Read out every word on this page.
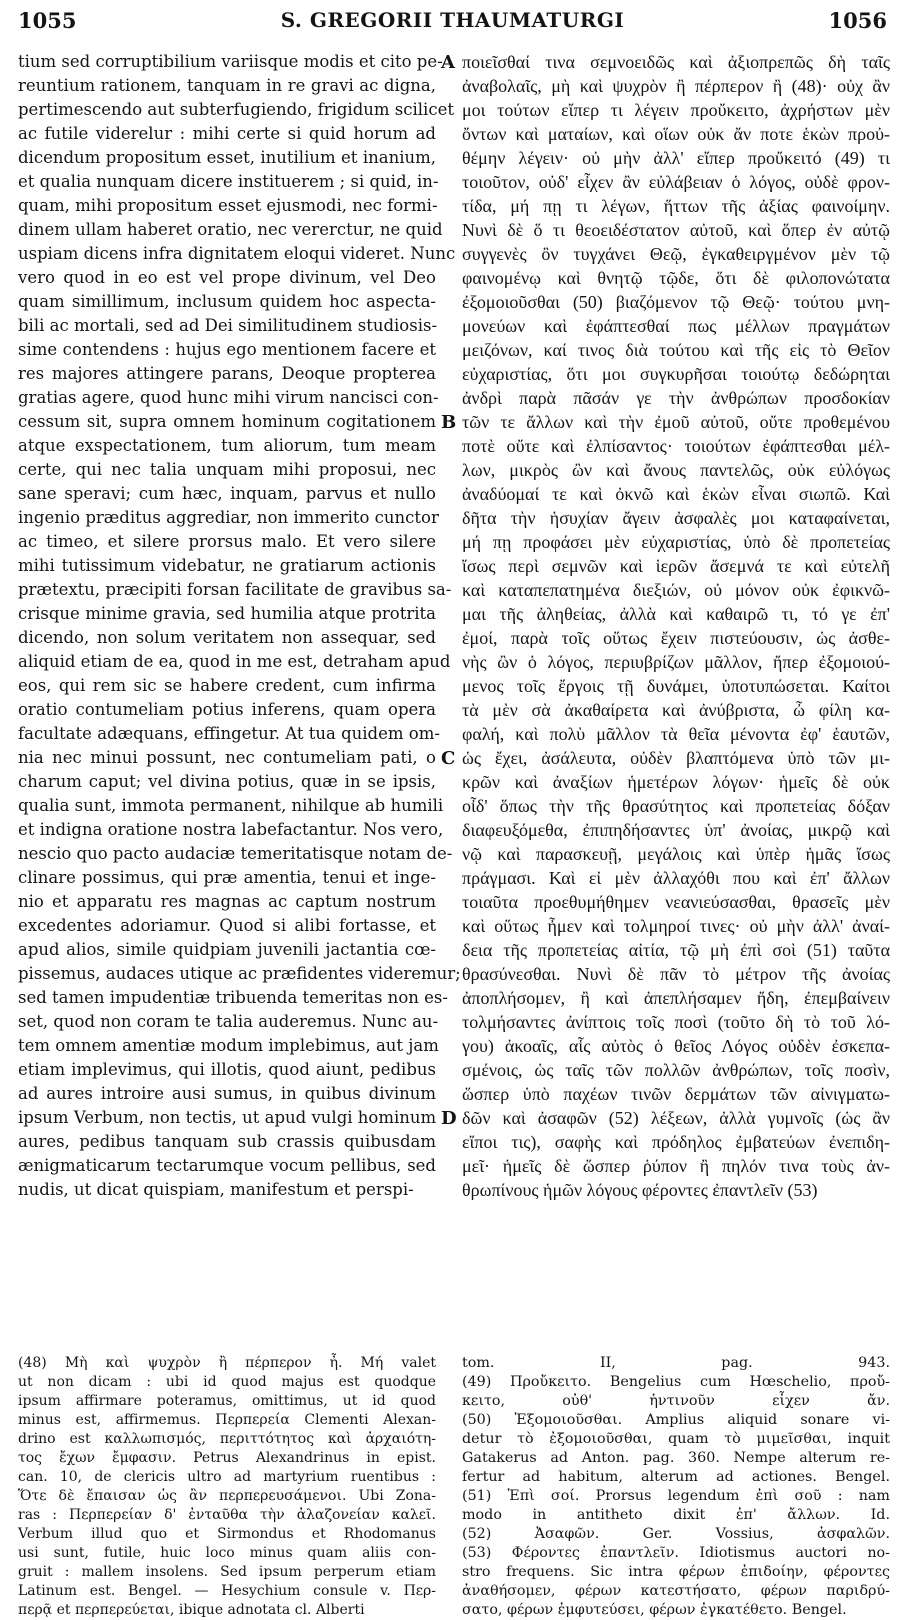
1055	S. GREGORII THAUMATURGI	1056
tium sed corruptibilium variisque modis et cito pe-
reuntium rationem, tanquam in re gravi ac digna,
pertimescendo aut subterfugiendo, frigidum scilicet
ac futile viderelur : mihi certe si quid horum ad
dicendum propositum esset, inutilium et inanium,
et qualia nunquam dicere instituerem ; si quid, in-
quam, mihi propositum esset ejusmodi, nec formi-
dinem ullam haberet oratio, nec vererctur, ne quid
uspiam dicens infra dignitatem eloqui videret. Nunc
vero quod in eo est vel prope divinum, vel Deo
quam simillimum, inclusum quidem hoc aspecta-
bili ac mortali, sed ad Dei similitudinem studiosis-
sime contendens : hujus ego mentionem facere et
res majores attingere parans, Deoque propterea
gratias agere, quod hunc mihi virum nancisci con-
cessum sit, supra omnem hominum cogitationem
atque exspectationem, tum aliorum, tum meam
certe, qui nec talia unquam mihi proposui, nec
sane speravi; cum hæc, inquam, parvus et nullo
ingenio præditus aggrediar, non immerito cunctor
ac timeo, et silere prorsus malo. Et vero silere
mihi tutissimum videbatur, ne gratiarum actionis
prætextu, præcipiti forsan facilitate de gravibus sa-
crisque minime gravia, sed humilia atque protrita
dicendo, non solum veritatem non assequar, sed
aliquid etiam de ea, quod in me est, detraham apud
eos, qui rem sic se habere credent, cum infirma
oratio contumeliam potius inferens, quam opera
facultate adæquans, effingetur. At tua quidem om-
nia nec minui possunt, nec contumeliam pati, o
charum caput; vel divina potius, quæ in se ipsis,
qualia sunt, immota permanent, nihilque ab humili
et indigna oratione nostra labefactantur. Nos vero,
nescio quo pacto audaciæ temeritatisque notam de-
clinare possimus, qui præ amentia, tenui et inge-
nio et apparatu res magnas ac captum nostrum
excedentes adoriamur. Quod si alibi fortasse, et
apud alios, simile quidpiam juvenili jactantia cœ-
pissemus, audaces utique ac præfidentes videremur;
sed tamen impudentiæ tribuenda temeritas non es-
set, quod non coram te talia auderemus. Nunc au-
tem omnem amentiæ modum implebimus, aut jam
etiam implevimus, qui illotis, quod aiunt, pedibus
ad aures introire ausi sumus, in quibus divinum
ipsum Verbum, non tectis, ut apud vulgi hominum
aures, pedibus tanquam sub crassis quibusdam
ænigmaticarum tectarumque vocum pellibus, sed
nudis, ut dicat quispiam, manifestum et perspi-
A
B
C
D
ποιεῖσθαί τινα σεμνοειδῶς καὶ ἀξιοπρεπῶς δὴ ταῖς
ἀναβολαῖς, μὴ καὶ ψυχρὸν ἢ πέρπερον ἢ (48)· οὐχ ἂν
μοι τούτων εἴπερ τι λέγειν προὔκειτο, ἀχρήστων μὲν
ὄντων καὶ ματαίων, καὶ οἵων οὐκ ἄν ποτε ἑκὼν προὐ-
θέμην λέγειν· οὐ μὴν ἀλλ' εἴπερ προὔκειτό (49) τι
τοιοῦτον, οὐδ' εἶχεν ἂν εὐλάβειαν ὁ λόγος, οὐδὲ φρον-
τίδα, μή πῃ τι λέγων, ἥττων τῆς ἀξίας φαινοίμην.
Νυνὶ δὲ ὅ τι θεοειδέστατον αὐτοῦ, καὶ ὅπερ ἐν αὐτῷ
συγγενὲς ὂν τυγχάνει Θεῷ, ἐγκαθειργμένον μὲν τῷ
φαινομένῳ καὶ θνητῷ τῷδε, ὅτι δὲ φιλοπονώτατα
ἐξομοιοῦσθαι (50) βιαζόμενον τῷ Θεῷ· τούτου μνη-
μονεύων καὶ ἐφάπτεσθαί πως μέλλων πραγμάτων
μειζόνων, καί τινος διὰ τούτου καὶ τῆς εἰς τὸ Θεῖον
εὐχαριστίας, ὅτι μοι συγκυρῆσαι τοιούτῳ δεδώρηται
ἀνδρὶ παρὰ πᾶσάν γε τὴν ἀνθρώπων προσδοκίαν
τῶν τε ἄλλων καὶ τὴν ἐμοῦ αὐτοῦ, οὔτε προθεμένου
ποτὲ οὔτε καὶ ἐλπίσαντος· τοιούτων ἐφάπτεσθαι μέλ-
λων, μικρὸς ὢν καὶ ἄνους παντελῶς, οὐκ εὐλόγως
ἀναδύομαί τε καὶ ὀκνῶ καὶ ἑκὼν εἶναι σιωπῶ. Καὶ
δῆτα τὴν ἡσυχίαν ἄγειν ἀσφαλὲς μοι καταφαίνεται,
μή πῃ προφάσει μὲν εὐχαριστίας, ὑπὸ δὲ προπετείας
ἴσως περὶ σεμνῶν καὶ ἱερῶν ἄσεμνά τε καὶ εὐτελῆ
καὶ καταπεπατημένα διεξιών, οὐ μόνον οὐκ ἐφικνῶ-
μαι τῆς ἀληθείας, ἀλλὰ καὶ καθαιρῶ τι, τό γε ἐπ'
ἐμοί, παρὰ τοῖς οὕτως ἔχειν πιστεύουσιν, ὡς ἀσθε-
νὴς ὢν ὁ λόγος, περιυβρίζων μᾶλλον, ἤπερ ἐξομοιού-
μενος τοῖς ἔργοις τῇ δυνάμει, ὑποτυπώσεται. Καίτοι
τὰ μὲν σὰ ἀκαθαίρετα καὶ ἀνύβριστα, ὦ φίλη κα-
φαλή, καὶ πολὺ μᾶλλον τὰ θεῖα μένοντα ἐφ' ἑαυτῶν,
ὡς ἔχει, ἀσάλευτα, οὐδὲν βλαπτόμενα ὑπὸ τῶν μι-
κρῶν καὶ ἀναξίων ἡμετέρων λόγων· ἡμεῖς δὲ οὐκ
οἶδ' ὅπως τὴν τῆς θρασύτητος καὶ προπετείας δόξαν
διαφευξόμεθα, ἐπιπηδήσαντες ὑπ' ἀνοίας, μικρῷ καὶ
νῷ καὶ παρασκευῇ, μεγάλοις καὶ ὑπὲρ ἡμᾶς ἴσως
πράγμασι. Καὶ εἰ μὲν ἀλλαχόθι που καὶ ἐπ' ἄλλων
τοιαῦτα προεθυμήθημεν νεανιεύσασθαι, θρασεῖς μὲν
καὶ οὕτως ἦμεν καὶ τολμηροί τινες· οὐ μὴν ἀλλ' ἀναί-
δεια τῆς προπετείας αἰτία, τῷ μὴ ἐπὶ σοὶ (51) ταῦτα
θρασύνεσθαι. Νυνὶ δὲ πᾶν τὸ μέτρον τῆς ἀνοίας
ἀποπλήσομεν, ἢ καὶ ἀπεπλήσαμεν ἤδη, ἐπεμβαίνειν
τολμήσαντες ἀνίπτοις τοῖς ποσὶ (τοῦτο δὴ τὸ τοῦ λό-
γου) ἀκοαῖς, αἷς αὐτὸς ὁ θεῖος Λόγος οὐδὲν ἐσκεπα-
σμένοις, ὡς ταῖς τῶν πολλῶν ἀνθρώπων, τοῖς ποσὶν,
ὥσπερ ὑπὸ παχέων τινῶν δερμάτων τῶν αἰνιγματω-
δῶν καὶ ἀσαφῶν (52) λέξεων, ἀλλὰ γυμνοῖς (ὡς ἂν
εἴποι τις), σαφὴς καὶ πρόδηλος ἐμβατεύων ἐνεπιδη-
μεῖ· ἡμεῖς δὲ ὥσπερ ῥύπον ἢ πηλόν τινα τοὺς ἀν-
θρωπίνους ἡμῶν λόγους φέροντες ἐπαντλεῖν (53)
(48) Μὴ καὶ ψυχρὸν ἢ πέρπερον ἦ. Μή valet
ut non dicam : ubi id quod majus est quodque
ipsum affirmare poteramus, omittimus, ut id quod
minus est, affirmemus. Περπερεία Clementi Alexan-
drino est καλλωπισμός, περιττότητος καὶ ἀρχαιότη-
τος ἔχων ἔμφασιν. Petrus Alexandrinus in epist.
can. 10, de clericis ultro ad martyrium ruentibus :
Ὅτε δὲ ἔπαισαν ὡς ἂν περπερευσάμενοι. Ubi Zona-
ras : Περπερείαν δ' ἐνταῦθα τὴν ἀλαζονείαν καλεῖ.
Verbum illud quo et Sirmondus et Rhodomanus
usi sunt, futile, huic loco minus quam aliis con-
gruit : mallem insolens. Sed ipsum perperum etiam
Latinum est. Bengel. — Hesychium consule v. Περ-
περᾷ et περπερεύεται, ibique adnotata cl. Alberti
tom. II, pag. 943.
(49) Προὔκειτο. Bengelius cum Hœschelio, προὔ-
κειτο, οὐθ' ἡντινοῦν εἶχεν ἄν.
(50) Ἐξομοιοῦσθαι. Amplius aliquid sonare vi-
detur τὸ ἐξομοιοῦσθαι, quam τὸ μιμεῖσθαι, inquit
Gatakerus ad Anton. pag. 360. Nempe alterum re-
fertur ad habitum, alterum ad actiones. Bengel.
(51) Ἐπὶ σοί. Prorsus legendum ἐπὶ σοῦ : nam
modo in antitheto dixit ἐπ' ἄλλων. Id.
(52) Ἀσαφῶν. Ger. Vossius, ἀσφαλῶν.
(53) Φέροντες ἐπαντλεῖν. Idiotismus auctori no-
stro frequens. Sic intra φέρων ἐπιδοίην, φέροντες
ἀναθήσομεν, φέρων κατεστήσατο, φέρων παριδρύ-
σατο, φέρων ἐμφυτεύσει, φέρων ἐγκατέθετο. Bengel.
